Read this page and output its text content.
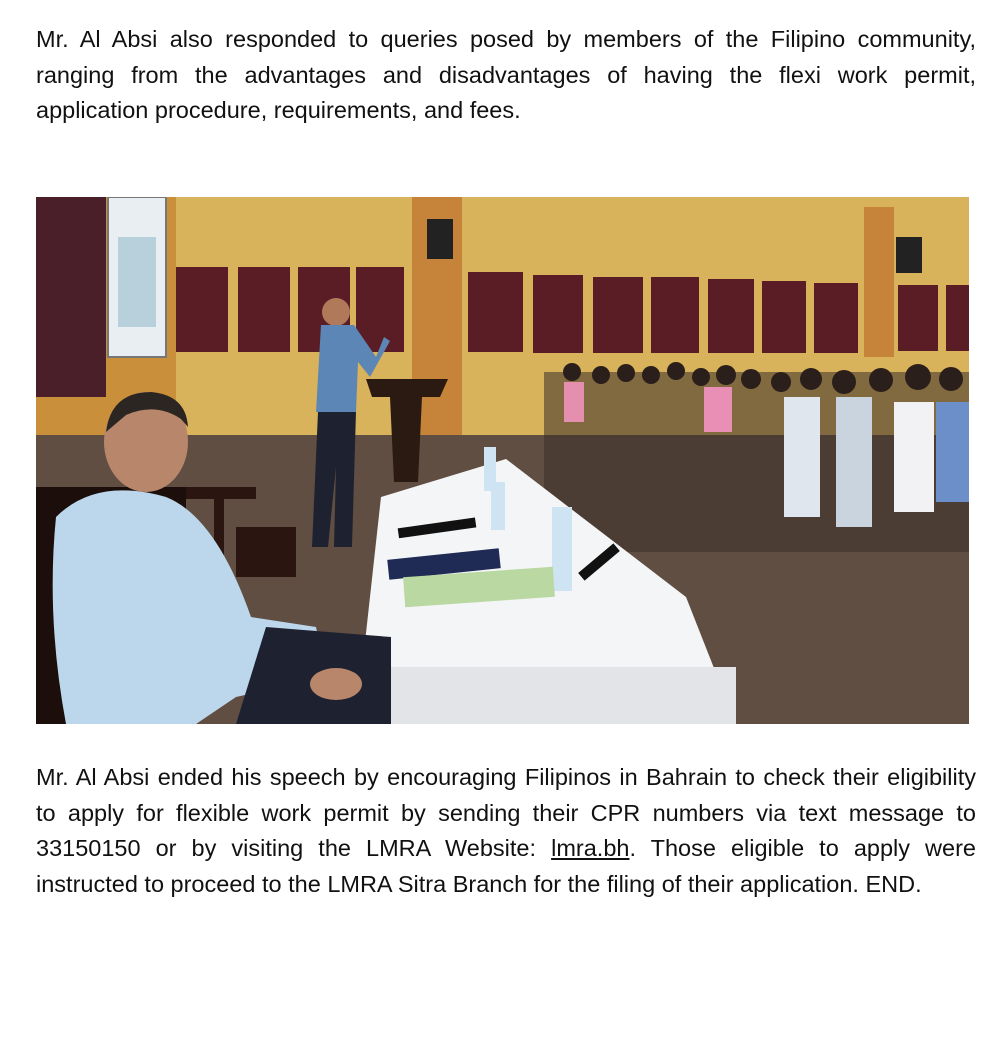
Mr. Al Absi also responded to queries posed by members of the Filipino community, ranging from the advantages and disadvantages of having the flexi work permit, application procedure, requirements, and fees.

Mr. Al Absi ended his speech by encouraging Filipinos in Bahrain to check their eligibility to apply for flexible work permit by sending their CPR numbers via text message to 33150150 or by visiting the LMRA Website: lmra.bh. Those eligible to apply were instructed to proceed to the LMRA Sitra Branch for the filing of their application. END.
